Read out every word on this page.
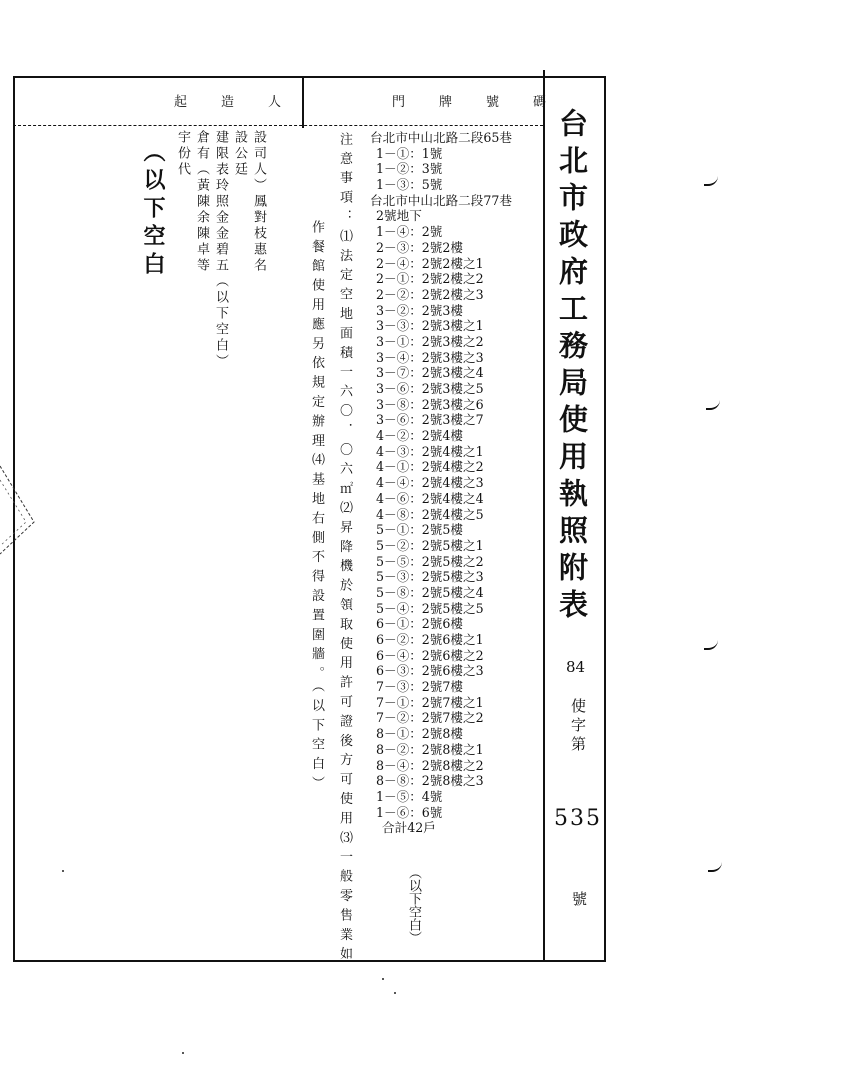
台北市政府工務局使用執照附表
84
使字第
535
號
門牌號碼
起造人
台北市中山北路二段65巷
1－①：1號
1－②：3號
1－③：5號
台北市中山北路二段77巷
2號地下
1－④：2號
2－③：2號2樓
2－④：2號2樓之1
2－①：2號2樓之2
2－②：2號2樓之3
3－②：2號3樓
3－③：2號3樓之1
3－①：2號3樓之2
3－④：2號3樓之3
3－⑦：2號3樓之4
3－⑥：2號3樓之5
3－⑧：2號3樓之6
3－⑥：2號3樓之7
4－②：2號4樓
4－③：2號4樓之1
4－①：2號4樓之2
4－④：2號4樓之3
4－⑥：2號4樓之4
4－⑧：2號4樓之5
5－①：2號5樓
5－②：2號5樓之1
5－⑤：2號5樓之2
5－③：2號5樓之3
5－⑧：2號5樓之4
5－④：2號5樓之5
6－①：2號6樓
6－②：2號6樓之1
6－④：2號6樓之2
6－③：2號6樓之3
7－③：2號7樓
7－①：2號7樓之1
7－②：2號7樓之2
8－①：2號8樓
8－②：2號8樓之1
8－④：2號8樓之2
8－⑧：2號8樓之3
1－⑤：4號
1－⑥：6號
合計42戶
（以下空白）
注意事項：⑴法定空地面積一六〇．〇六㎡⑵昇降機於領取使用許可證後方可使用⑶一般零售業如
作餐館使用應另依規定辦理⑷基地右側不得設置圍牆。（以下空白）
設司人）鳳對枝惠名
設公廷
建限表玲照金金碧五（以下空白）
倉有（黃陳余陳卓等
宇份代
（以下空白
